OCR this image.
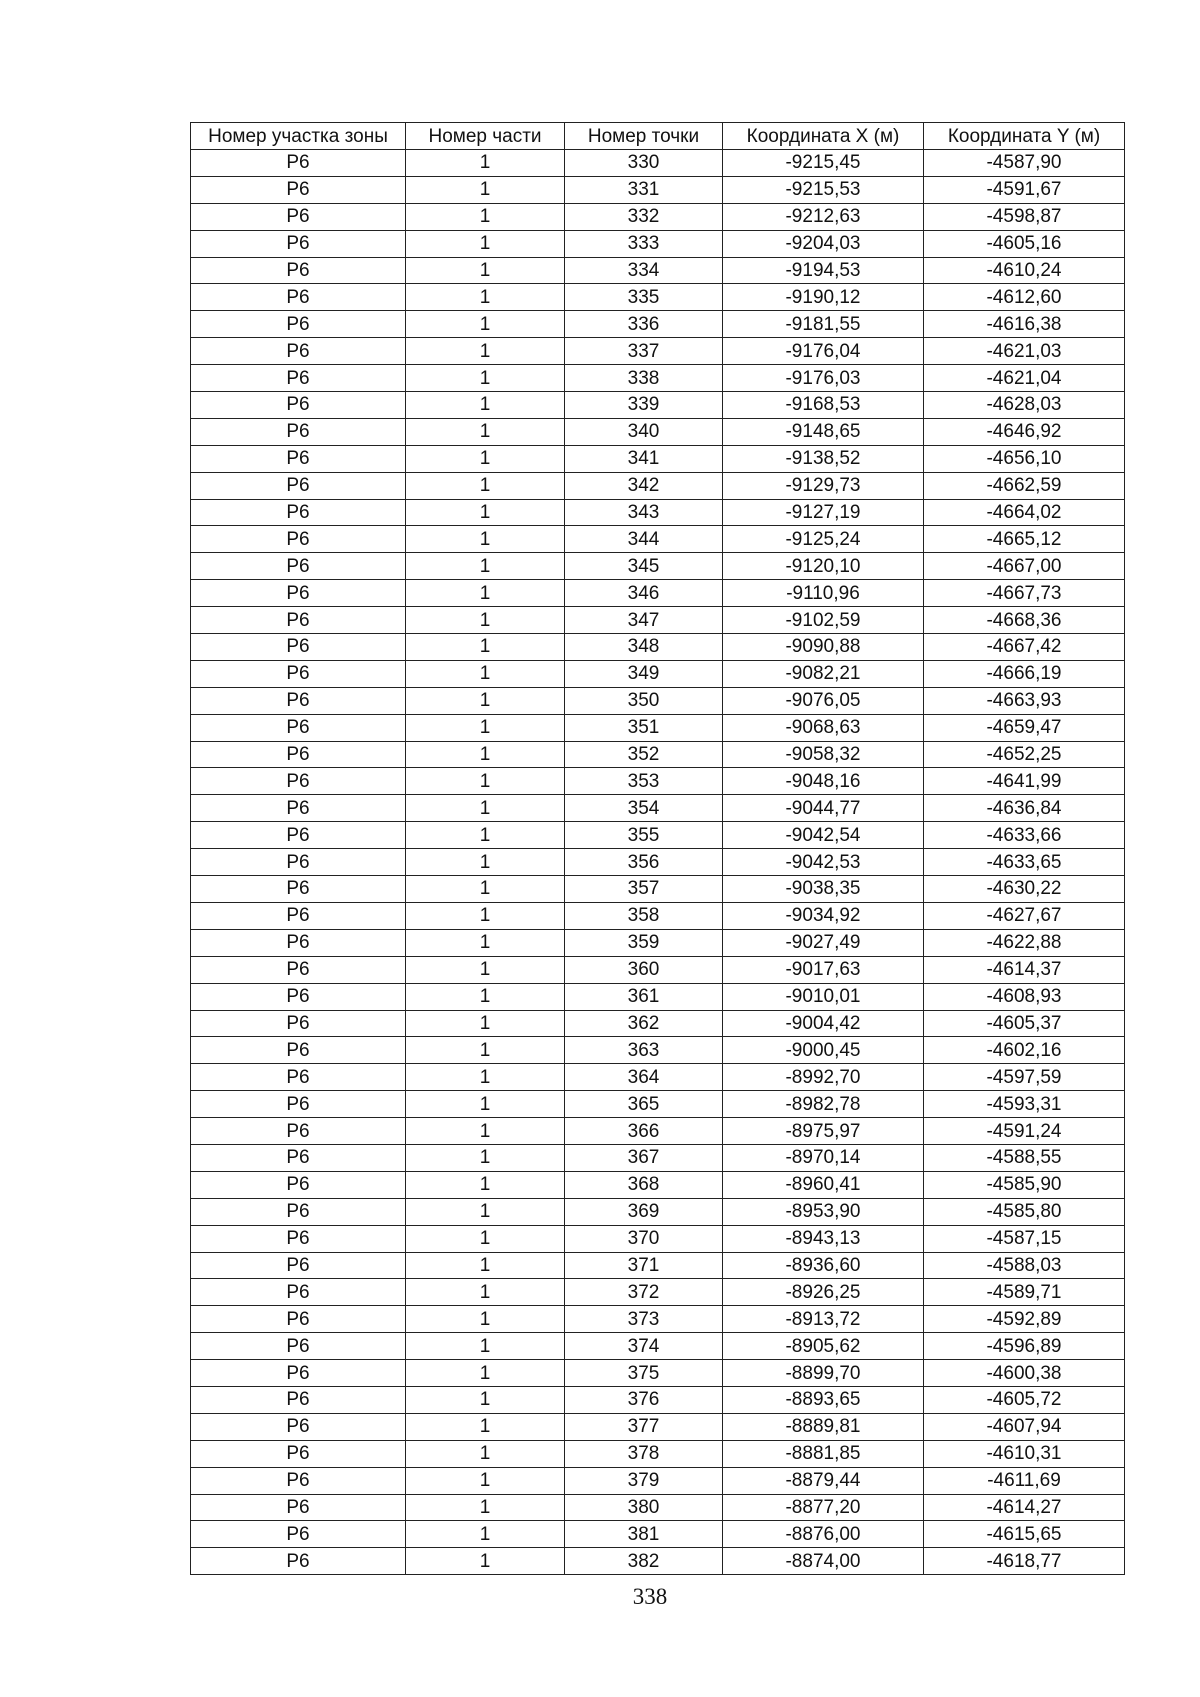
Номер участка зоны	Номер части	Номер точки	Координата X (м)	Координата Y (м)
Р6	1	330	-9215,45	-4587,90
Р6	1	331	-9215,53	-4591,67
Р6	1	332	-9212,63	-4598,87
Р6	1	333	-9204,03	-4605,16
Р6	1	334	-9194,53	-4610,24
Р6	1	335	-9190,12	-4612,60
Р6	1	336	-9181,55	-4616,38
Р6	1	337	-9176,04	-4621,03
Р6	1	338	-9176,03	-4621,04
Р6	1	339	-9168,53	-4628,03
Р6	1	340	-9148,65	-4646,92
Р6	1	341	-9138,52	-4656,10
Р6	1	342	-9129,73	-4662,59
Р6	1	343	-9127,19	-4664,02
Р6	1	344	-9125,24	-4665,12
Р6	1	345	-9120,10	-4667,00
Р6	1	346	-9110,96	-4667,73
Р6	1	347	-9102,59	-4668,36
Р6	1	348	-9090,88	-4667,42
Р6	1	349	-9082,21	-4666,19
Р6	1	350	-9076,05	-4663,93
Р6	1	351	-9068,63	-4659,47
Р6	1	352	-9058,32	-4652,25
Р6	1	353	-9048,16	-4641,99
Р6	1	354	-9044,77	-4636,84
Р6	1	355	-9042,54	-4633,66
Р6	1	356	-9042,53	-4633,65
Р6	1	357	-9038,35	-4630,22
Р6	1	358	-9034,92	-4627,67
Р6	1	359	-9027,49	-4622,88
Р6	1	360	-9017,63	-4614,37
Р6	1	361	-9010,01	-4608,93
Р6	1	362	-9004,42	-4605,37
Р6	1	363	-9000,45	-4602,16
Р6	1	364	-8992,70	-4597,59
Р6	1	365	-8982,78	-4593,31
Р6	1	366	-8975,97	-4591,24
Р6	1	367	-8970,14	-4588,55
Р6	1	368	-8960,41	-4585,90
Р6	1	369	-8953,90	-4585,80
Р6	1	370	-8943,13	-4587,15
Р6	1	371	-8936,60	-4588,03
Р6	1	372	-8926,25	-4589,71
Р6	1	373	-8913,72	-4592,89
Р6	1	374	-8905,62	-4596,89
Р6	1	375	-8899,70	-4600,38
Р6	1	376	-8893,65	-4605,72
Р6	1	377	-8889,81	-4607,94
Р6	1	378	-8881,85	-4610,31
Р6	1	379	-8879,44	-4611,69
Р6	1	380	-8877,20	-4614,27
Р6	1	381	-8876,00	-4615,65
Р6	1	382	-8874,00	-4618,77
338
